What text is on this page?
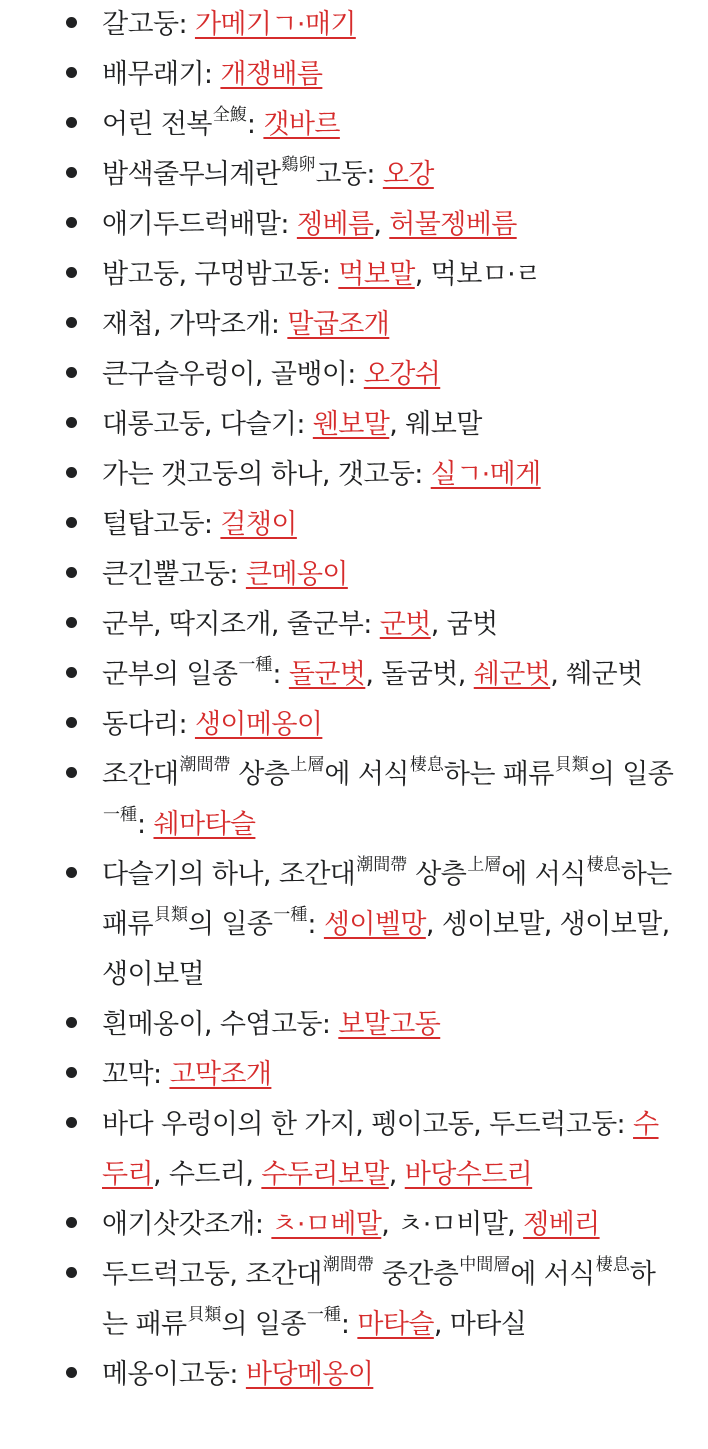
갈고둥: 가메기ㄱ·매기
배무래기: 개쟁배름
어린 전복$^{全鰒}$: 갯바르
밤색줄무늬계란$^{鷄卵}$고둥: 오강
애기두드럭배말: 젱베름, 허물젱베름
밤고둥, 구멍밤고동: 먹보말, 먹보ㅁ·ㄹ
재첩, 가막조개: 말굽조개
큰구슬우렁이, 골뱅이: 오강쉬
대롱고둥, 다슬기: 웬보말, 웨보말
가는 갯고둥의 하나, 갯고둥: 실ㄱ·메게
털탑고둥: 걸챙이
큰긴뿔고둥: 큰메옹이
군부, 딱지조개, 줄군부: 군벗, 굼벗
군부의 일종$^{一種}$: 돌군벗, 돌굼벗, 쉐군벗, 쒜군벗
동다리: 생이메옹이
조간대$^{潮間帶}$ 상층$^{上層}$에 서식$^{棲息}$하는 패류$^{貝類}$의 일종$^{一種}$: 쉐마타슬
다슬기의 하나, 조간대$^{潮間帶}$ 상층$^{上層}$에 서식$^{棲息}$하는 패류$^{貝類}$의 일종$^{一種}$: 셍이벨망, 셍이보말, 생이보말, 생이보멀
흰메옹이, 수염고둥: 보말고동
꼬막: 고막조개
바다 우렁이의 한 가지, 펭이고동, 두드럭고둥: 수두리, 수드리, 수두리보말, 바당수드리
애기삿갓조개: ㅊ·ㅁ베말, ㅊ·ㅁ비말, 젱베리
두드럭고둥, 조간대$^{潮間帶}$ 중간층$^{中間層}$에 서식$^{棲息}$하는 패류$^{貝類}$의 일종$^{一種}$: 마타슬, 마타실
메옹이고둥: 바당메옹이
